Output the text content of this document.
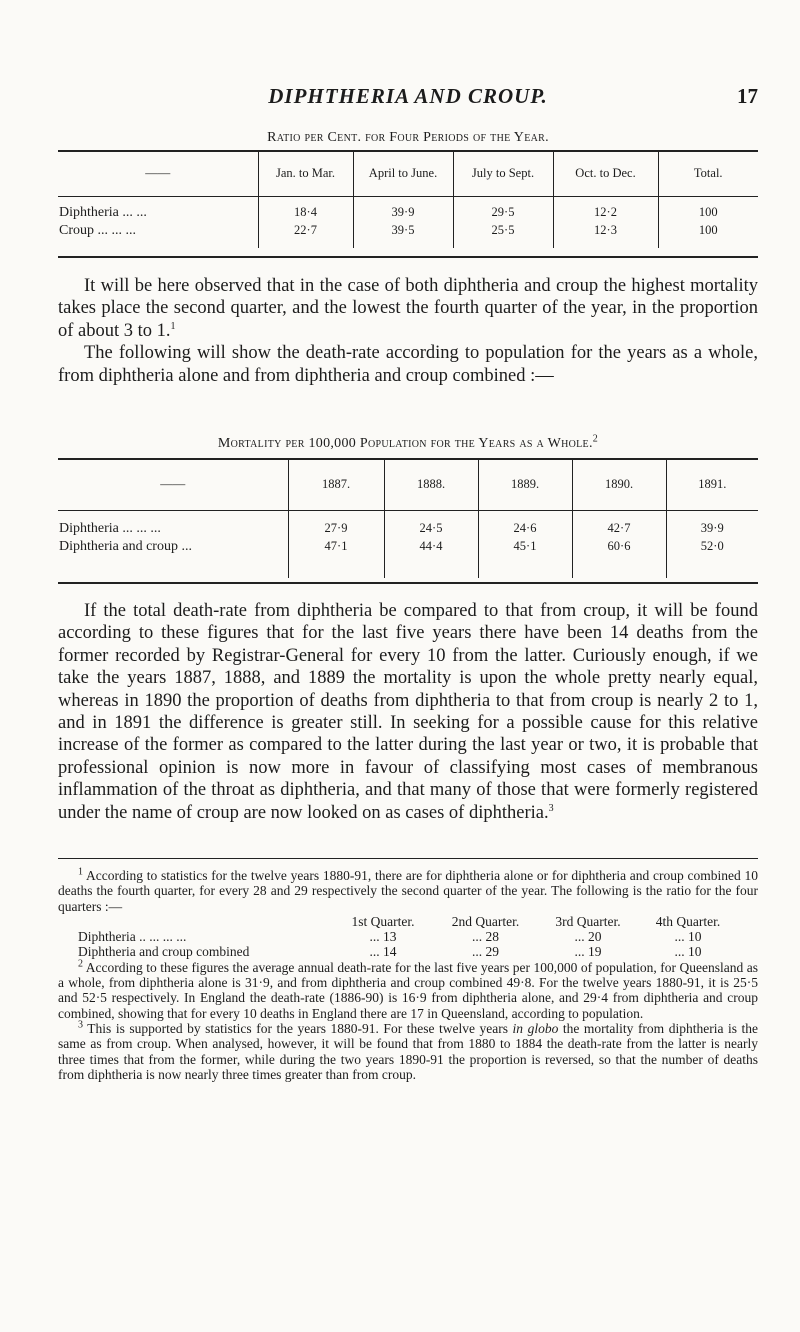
DIPHTHERIA AND CROUP.	17
Ratio per Cent. for Four Periods of the Year.
——	Jan. to Mar.	April to June.	July to Sept.	Oct. to Dec.	Total.
Diphtheria ... ...	18·4	39·9	29·5	12·2	100
Croup ... ... ...	22·7	39·5	25·5	12·3	100

It will be here observed that in the case of both diphtheria and croup the highest mortality takes place the second quarter, and the lowest the fourth quarter of the year, in the proportion of about 3 to 1.$^1$

The following will show the death-rate according to population for the years as a whole, from diphtheria alone and from diphtheria and croup combined :—

Mortality per 100,000 Population for the Years as a Whole.$^2$
——	1887.	1888.	1889.	1890.	1891.
Diphtheria ... ... ...	27·9	24·5	24·6	42·7	39·9
Diphtheria and croup ...	47·1	44·4	45·1	60·6	52·0

If the total death-rate from diphtheria be compared to that from croup, it will be found according to these figures that for the last five years there have been 14 deaths from the former recorded by Registrar-General for every 10 from the latter. Curiously enough, if we take the years 1887, 1888, and 1889 the mortality is upon the whole pretty nearly equal, whereas in 1890 the proportion of deaths from diphtheria to that from croup is nearly 2 to 1, and in 1891 the difference is greater still. In seeking for a possible cause for this relative increase of the former as compared to the latter during the last year or two, it is probable that professional opinion is now more in favour of classifying most cases of membranous inflammation of the throat as diphtheria, and that many of those that were formerly registered under the name of croup are now looked on as cases of diphtheria.$^3$

$^1$ According to statistics for the twelve years 1880-91, there are for diphtheria alone or for diphtheria and croup combined 10 deaths the fourth quarter, for every 28 and 29 respectively the second quarter of the year. The following is the ratio for the four quarters :—

	1st Quarter.	2nd Quarter.	3rd Quarter.	4th Quarter.
Diphtheria .. ... ... ...	... 13	... 28	... 20	... 10
Diphtheria and croup combined	... 14	... 29	... 19	... 10

$^2$ According to these figures the average annual death-rate for the last five years per 100,000 of population, for Queensland as a whole, from diphtheria alone is 31·9, and from diphtheria and croup combined 49·8. For the twelve years 1880-91, it is 25·5 and 52·5 respectively. In England the death-rate (1886-90) is 16·9 from diphtheria alone, and 29·4 from diphtheria and croup combined, showing that for every 10 deaths in England there are 17 in Queensland, according to population.

$^3$ This is supported by statistics for the years 1880-91. For these twelve years in globo the mortality from diphtheria is the same as from croup. When analysed, however, it will be found that from 1880 to 1884 the death-rate from the latter is nearly three times that from the former, while during the two years 1890-91 the proportion is reversed, so that the number of deaths from diphtheria is now nearly three times greater than from croup.
